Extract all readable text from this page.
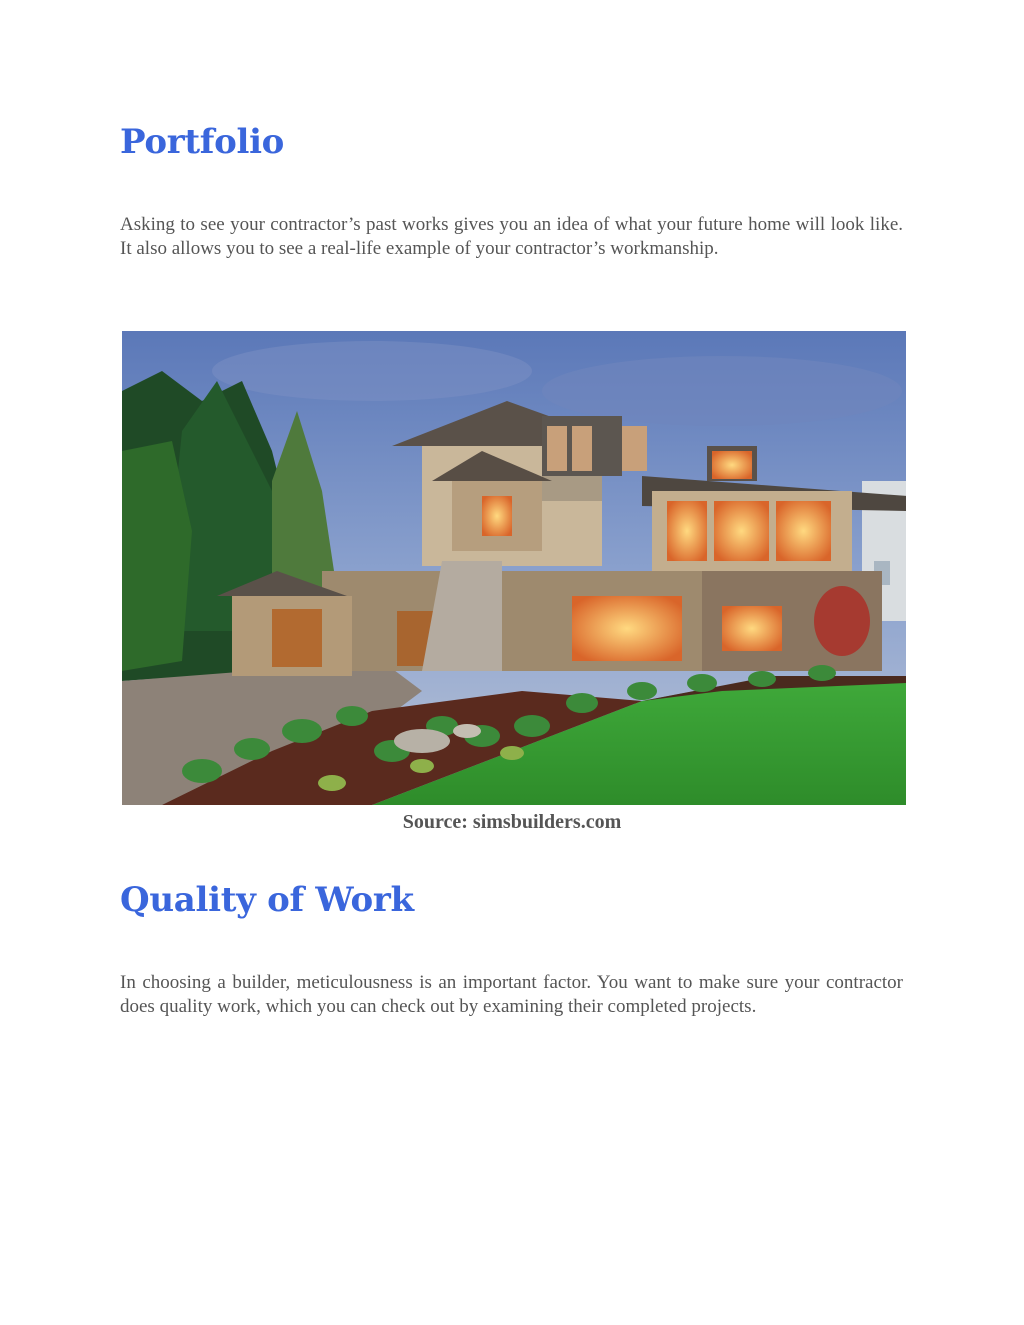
Portfolio

Asking to see your contractor’s past works gives you an idea of what your future home will look like. It also allows you to see a real-life example of your contractor’s workmanship.

Source: simsbuilders.com
Quality of Work

In choosing a builder, meticulousness is an important factor. You want to make sure your contractor does quality work, which you can check out by examining their completed projects.
